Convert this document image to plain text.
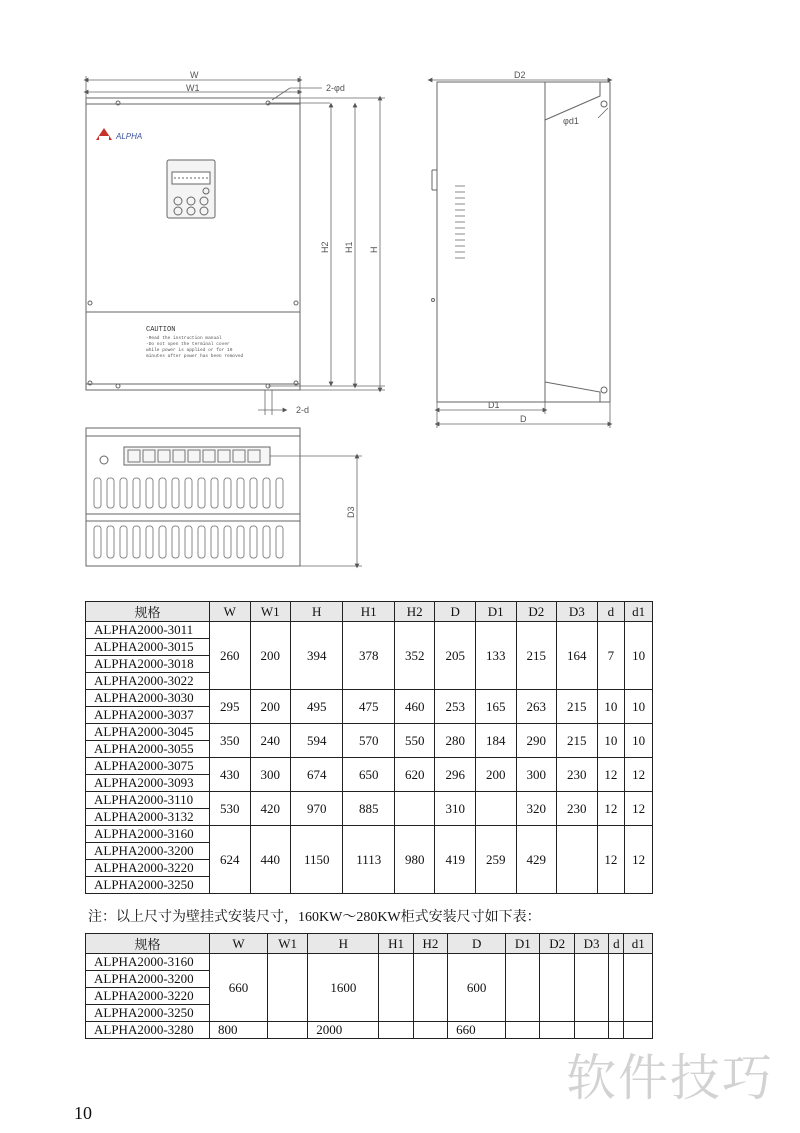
ALPHA
CAUTION
-Read the instruction manual
-Do not open the terminal cover
while power is applied or for 10
minutes after power has been removed
W
W1	2-φd
H2 H1 H
2-d
D2
φd1
D1
D
D3
规格	W	W1	H	H1	H2	D	D1	D2	D3	d	d1
ALPHA2000-3011	260	200	394	378	352	205	133	215	164	7	10
ALPHA2000-3015											
ALPHA2000-3018											
ALPHA2000-3022											
ALPHA2000-3030	295	200	495	475	460	253	165	263	215	10	10
ALPHA2000-3037											
ALPHA2000-3045	350	240	594	570	550	280	184	290	215	10	10
ALPHA2000-3055											
ALPHA2000-3075	430	300	674	650	620	296	200	300	230	12	12
ALPHA2000-3093											
ALPHA2000-3110	530	420	970	885		310		320	230	12	12
ALPHA2000-3132											
ALPHA2000-3160	624	440	1150	1113	980	419	259	429		12	12
ALPHA2000-3200											
ALPHA2000-3220											
ALPHA2000-3250											
注：以上尺寸为壁挂式安装尺寸，160KW～280KW柜式安装尺寸如下表：
规格	W	W1	H	H1	H2	D	D1	D2	D3	d	d1
ALPHA2000-3160	660		1600			600					
ALPHA2000-3200											
ALPHA2000-3220											
ALPHA2000-3250											
ALPHA2000-3280	800		2000			660					
软件技巧
10
